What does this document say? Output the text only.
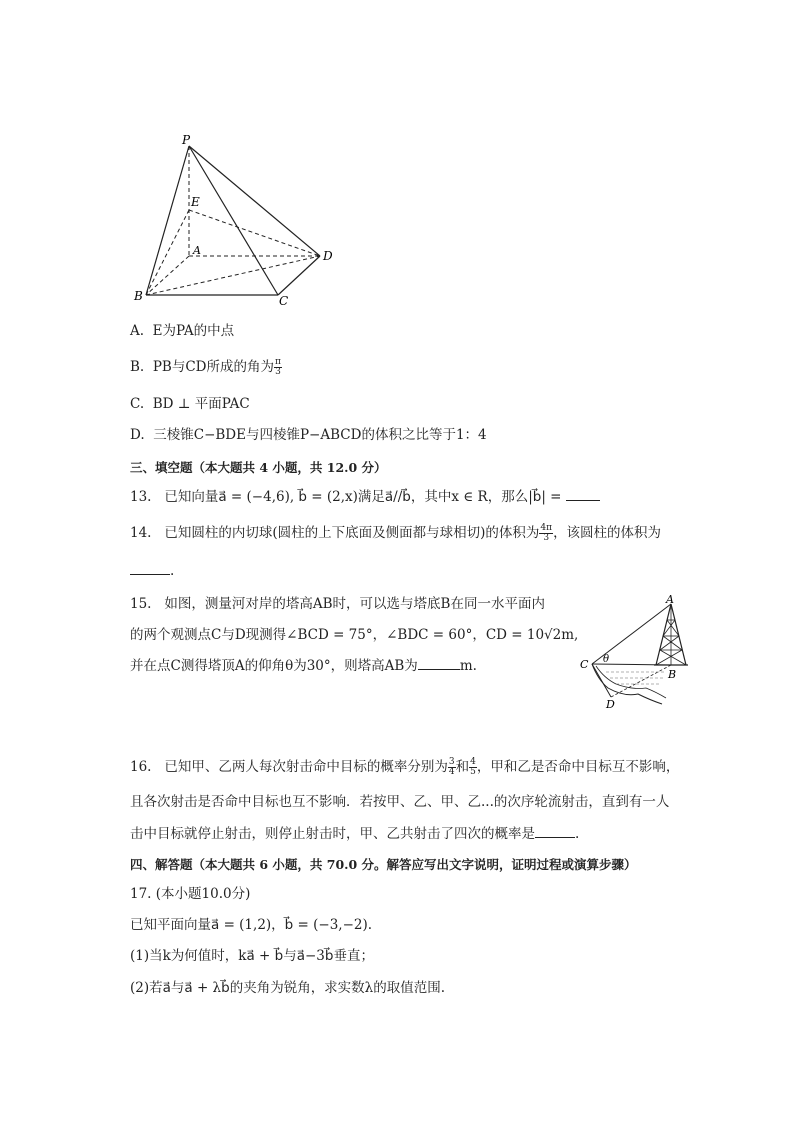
P
E
A
B	C
D
A. E为PA的中点
B. PB与CD所成的角为 $\frac{\pi}{3}$
C. BD ⊥ 平面PAC
D. 三棱锥C−BDE与四棱锥P−ABCD的体积之比等于1：4
三、填空题（本大题共 4 小题，共 12.0 分）
13. 已知向量a⃗ = (−4,6), b⃗ = (2,x)满足a⃗//b⃗，其中x ∈ R，那么|b⃗| =
14. 已知圆柱的内切球(圆柱的上下底面及侧面都与球相切)的体积为 $\frac{4\pi}{3}$ ，该圆柱的体积为
.
15. 如图，测量河对岸的塔高AB时，可以选与塔底B在同一水平面内
的两个观测点C与D现测得∠BCD = 75°，∠BDC = 60°，CD = 10√2m,
并在点C测得塔顶A的仰角θ为30°，则塔高AB为	m.
A
C θ
B
D
16. 已知甲、乙两人每次射击命中目标的概率分别为 $\frac{3}{4}$ 和 $\frac{4}{5}$ ，甲和乙是否命中目标互不影响，
且各次射击是否命中目标也互不影响．若按甲、乙、甲、乙...的次序轮流射击，直到有一人
击中目标就停止射击，则停止射击时，甲、乙共射击了四次的概率是	.
四、解答题（本大题共 6 小题，共 70.0 分。解答应写出文字说明，证明过程或演算步骤）
17. (本小题10.0分)
已知平面向量a⃗ = (1,2)，b⃗ = (−3,−2).
(1)当k为何值时，ka⃗ + b⃗与a⃗−3b⃗垂直；
(2)若a⃗与a⃗ + λb⃗的夹角为锐角，求实数λ的取值范围.
